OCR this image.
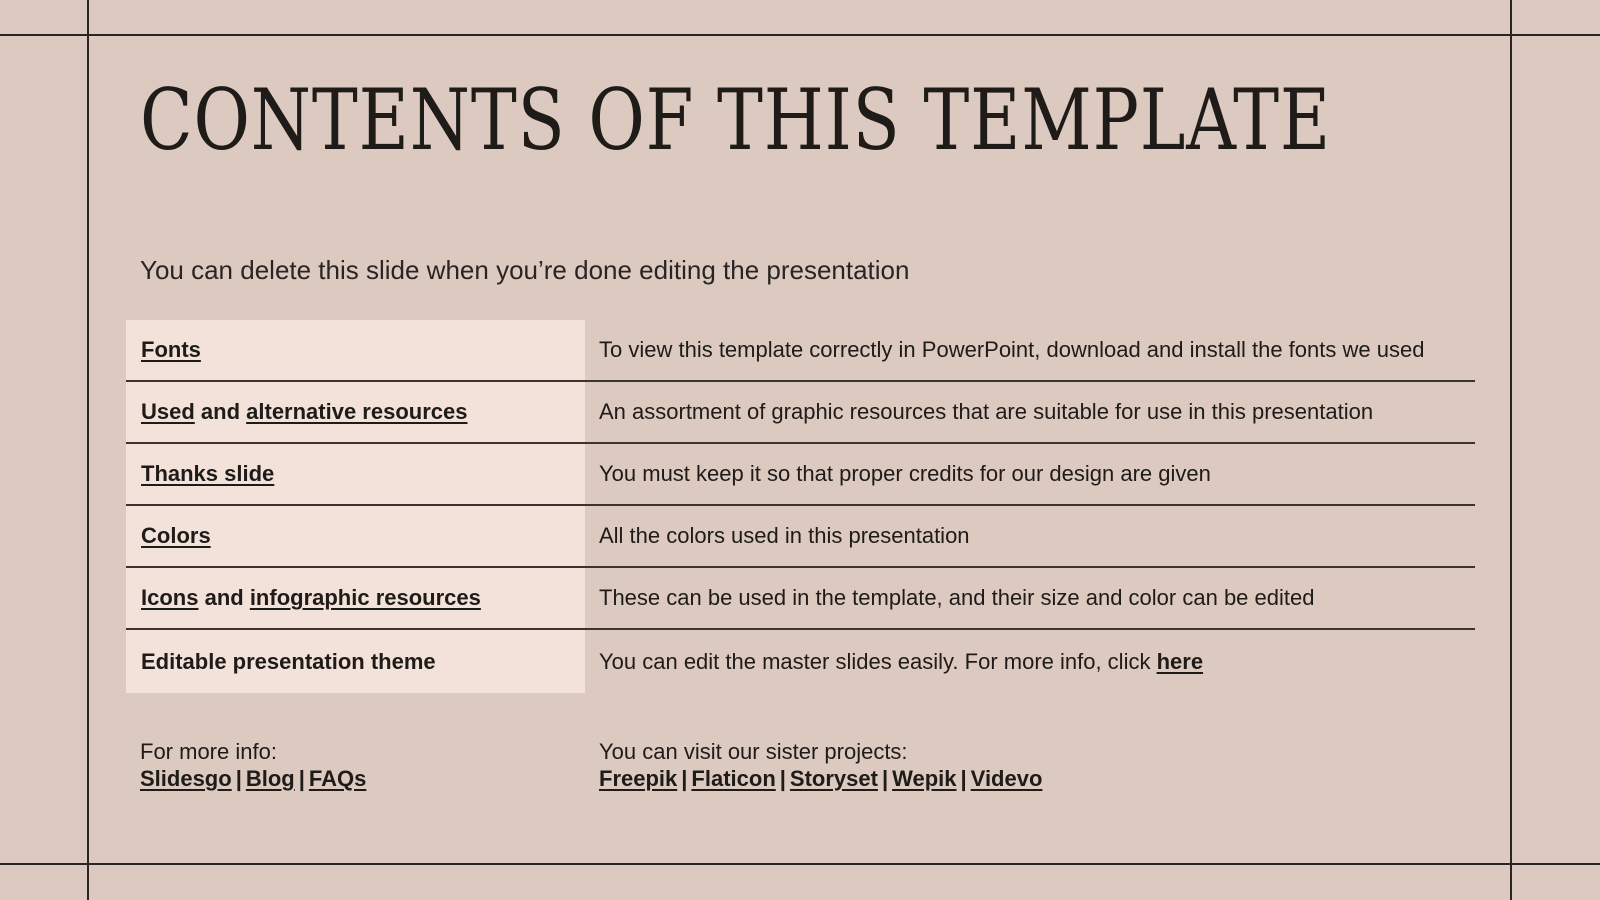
CONTENTS OF THIS TEMPLATE

You can delete this slide when you’re done editing the presentation

Fonts	To view this template correctly in PowerPoint, download and install the fonts we used
Used and alternative resources	An assortment of graphic resources that are suitable for use in this presentation
Thanks slide	You must keep it so that proper credits for our design are given
Colors	All the colors used in this presentation
Icons and infographic resources	These can be used in the template, and their size and color can be edited
Editable presentation theme	You can edit the master slides easily. For more info, click here
For more info:
Slidesgo | Blog | FAQs
You can visit our sister projects:
Freepik | Flaticon | Storyset | Wepik | Videvo
